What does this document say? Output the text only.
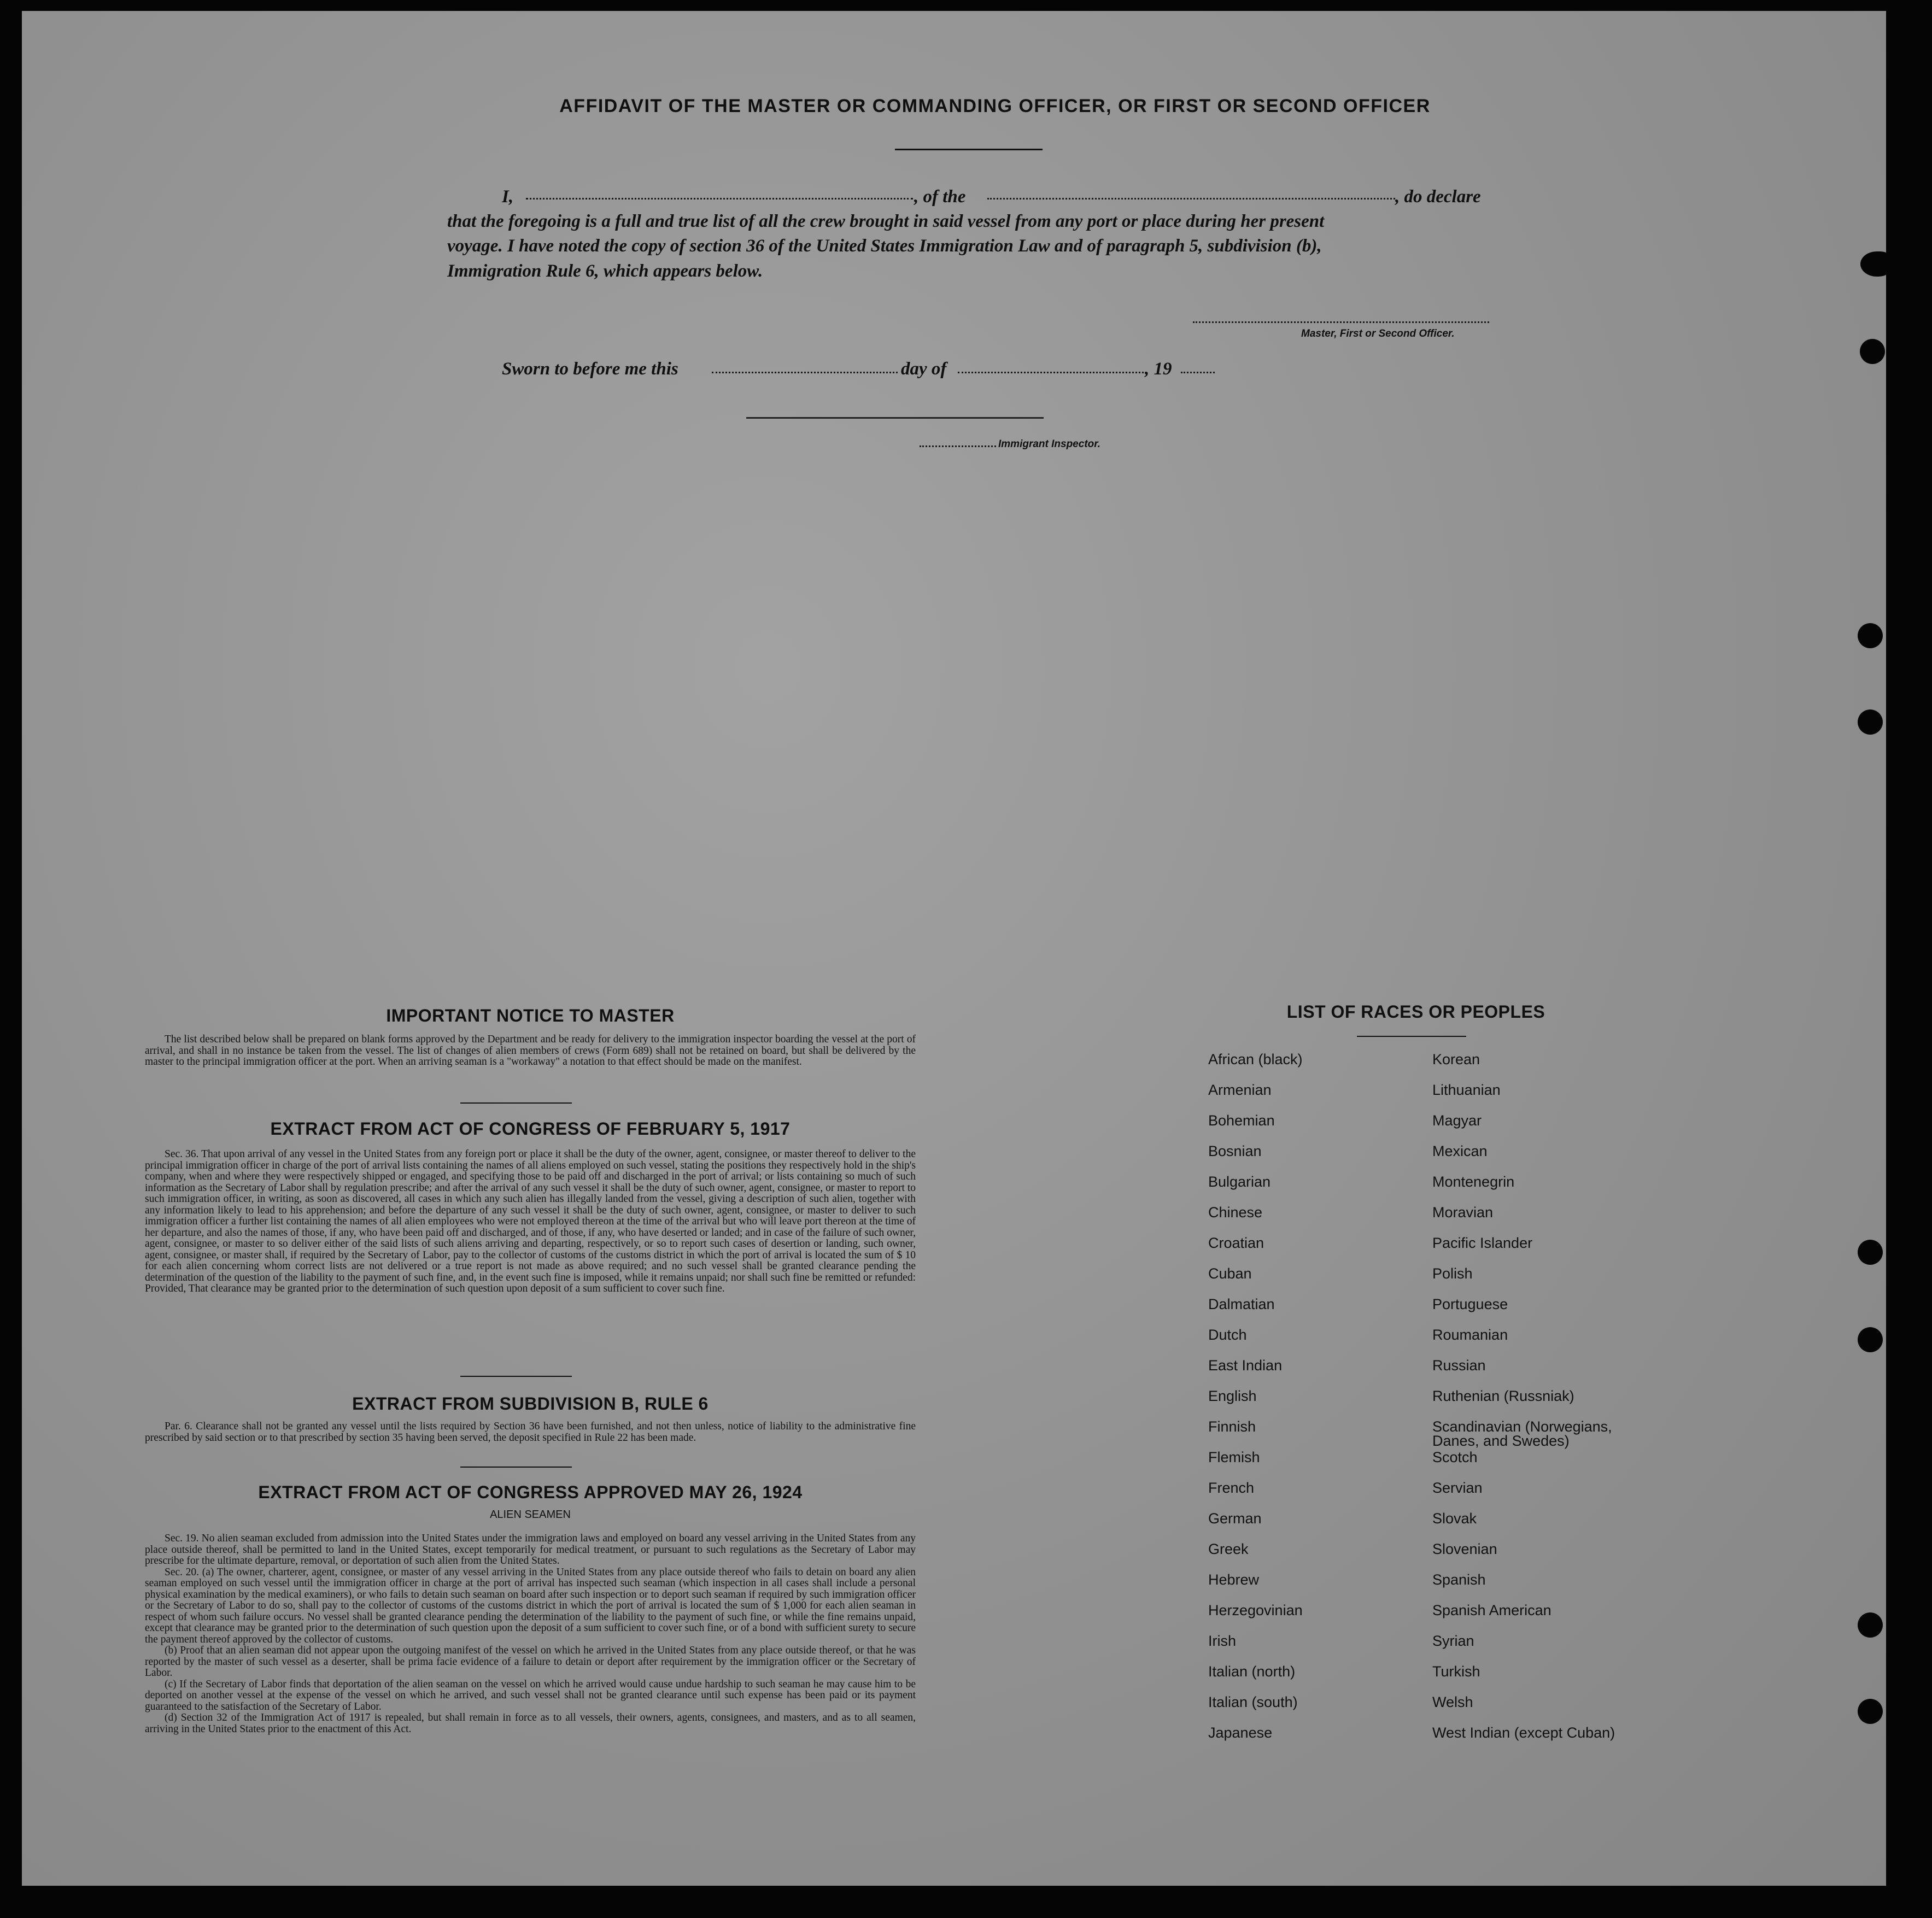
AFFIDAVIT OF THE MASTER OR COMMANDING OFFICER, OR FIRST OR SECOND OFFICER
I,	, of the	, do declare
that the foregoing is a full and true list of all the crew brought in said vessel from any port or place during her present
voyage. I have noted the copy of section 36 of the United States Immigration Law and of paragraph 5, subdivision (b),
Immigration Rule 6, which appears below.
Master, First or Second Officer.
Sworn to before me this	day of	, 19
Immigrant Inspector.
IMPORTANT NOTICE TO MASTER

The list described below shall be prepared on blank forms approved by the Department and be ready for delivery to the immigration inspector boarding the vessel at the port of arrival, and shall in no instance be taken from the vessel. The list of changes of alien members of crews (Form 689) shall not be retained on board, but shall be delivered by the master to the principal immigration officer at the port. When an arriving seaman is a "workaway" a notation to that effect should be made on the manifest.

EXTRACT FROM ACT OF CONGRESS OF FEBRUARY 5, 1917

Sec. 36. That upon arrival of any vessel in the United States from any foreign port or place it shall be the duty of the owner, agent, consignee, or master thereof to deliver to the principal immigration officer in charge of the port of arrival lists containing the names of all aliens employed on such vessel, stating the positions they respectively hold in the ship's company, when and where they were respectively shipped or engaged, and specifying those to be paid off and discharged in the port of arrival; or lists containing so much of such information as the Secretary of Labor shall by regulation prescribe; and after the arrival of any such vessel it shall be the duty of such owner, agent, consignee, or master to report to such immigration officer, in writing, as soon as discovered, all cases in which any such alien has illegally landed from the vessel, giving a description of such alien, together with any information likely to lead to his apprehension; and before the departure of any such vessel it shall be the duty of such owner, agent, consignee, or master to deliver to such immigration officer a further list containing the names of all alien employees who were not employed thereon at the time of the arrival but who will leave port thereon at the time of her departure, and also the names of those, if any, who have been paid off and discharged, and of those, if any, who have deserted or landed; and in case of the failure of such owner, agent, consignee, or master to so deliver either of the said lists of such aliens arriving and departing, respectively, or so to report such cases of desertion or landing, such owner, agent, consignee, or master shall, if required by the Secretary of Labor, pay to the collector of customs of the customs district in which the port of arrival is located the sum of $ 10 for each alien concerning whom correct lists are not delivered or a true report is not made as above required; and no such vessel shall be granted clearance pending the determination of the question of the liability to the payment of such fine, and, in the event such fine is imposed, while it remains unpaid; nor shall such fine be remitted or refunded: Provided, That clearance may be granted prior to the determination of such question upon deposit of a sum sufficient to cover such fine.

EXTRACT FROM SUBDIVISION B, RULE 6

Par. 6. Clearance shall not be granted any vessel until the lists required by Section 36 have been furnished, and not then unless, notice of liability to the administrative fine prescribed by said section or to that prescribed by section 35 having been served, the deposit specified in Rule 22 has been made.

EXTRACT FROM ACT OF CONGRESS APPROVED MAY 26, 1924
ALIEN SEAMEN

Sec. 19. No alien seaman excluded from admission into the United States under the immigration laws and employed on board any vessel arriving in the United States from any place outside thereof, shall be permitted to land in the United States, except temporarily for medical treatment, or pursuant to such regulations as the Secretary of Labor may prescribe for the ultimate departure, removal, or deportation of such alien from the United States.

Sec. 20. (a) The owner, charterer, agent, consignee, or master of any vessel arriving in the United States from any place outside thereof who fails to detain on board any alien seaman employed on such vessel until the immigration officer in charge at the port of arrival has inspected such seaman (which inspection in all cases shall include a personal physical examination by the medical examiners), or who fails to detain such seaman on board after such inspection or to deport such seaman if required by such immigration officer or the Secretary of Labor to do so, shall pay to the collector of customs of the customs district in which the port of arrival is located the sum of $ 1,000 for each alien seaman in respect of whom such failure occurs. No vessel shall be granted clearance pending the determination of the liability to the payment of such fine, or while the fine remains unpaid, except that clearance may be granted prior to the determination of such question upon the deposit of a sum sufficient to cover such fine, or of a bond with sufficient surety to secure the payment thereof approved by the collector of customs.

(b) Proof that an alien seaman did not appear upon the outgoing manifest of the vessel on which he arrived in the United States from any place outside thereof, or that he was reported by the master of such vessel as a deserter, shall be prima facie evidence of a failure to detain or deport after requirement by the immigration officer or the Secretary of Labor.

(c) If the Secretary of Labor finds that deportation of the alien seaman on the vessel on which he arrived would cause undue hardship to such seaman he may cause him to be deported on another vessel at the expense of the vessel on which he arrived, and such vessel shall not be granted clearance until such expense has been paid or its payment guaranteed to the satisfaction of the Secretary of Labor.

(d) Section 32 of the Immigration Act of 1917 is repealed, but shall remain in force as to all vessels, their owners, agents, consignees, and masters, and as to all seamen, arriving in the United States prior to the enactment of this Act.

LIST OF RACES OR PEOPLES
African (black)	Korean
Armenian	Lithuanian
Bohemian	Magyar
Bosnian	Mexican
Bulgarian	Montenegrin
Chinese	Moravian
Croatian	Pacific Islander
Cuban	Polish
Dalmatian	Portuguese
Dutch	Roumanian
East Indian	Russian
English	Ruthenian (Russniak)
Finnish	Scandinavian (Norwegians, Danes, and Swedes)
Flemish	Scotch
French	Servian
German	Slovak
Greek	Slovenian
Hebrew	Spanish
Herzegovinian	Spanish American
Irish	Syrian
Italian (north)	Turkish
Italian (south)	Welsh
Japanese	West Indian (except Cuban)
